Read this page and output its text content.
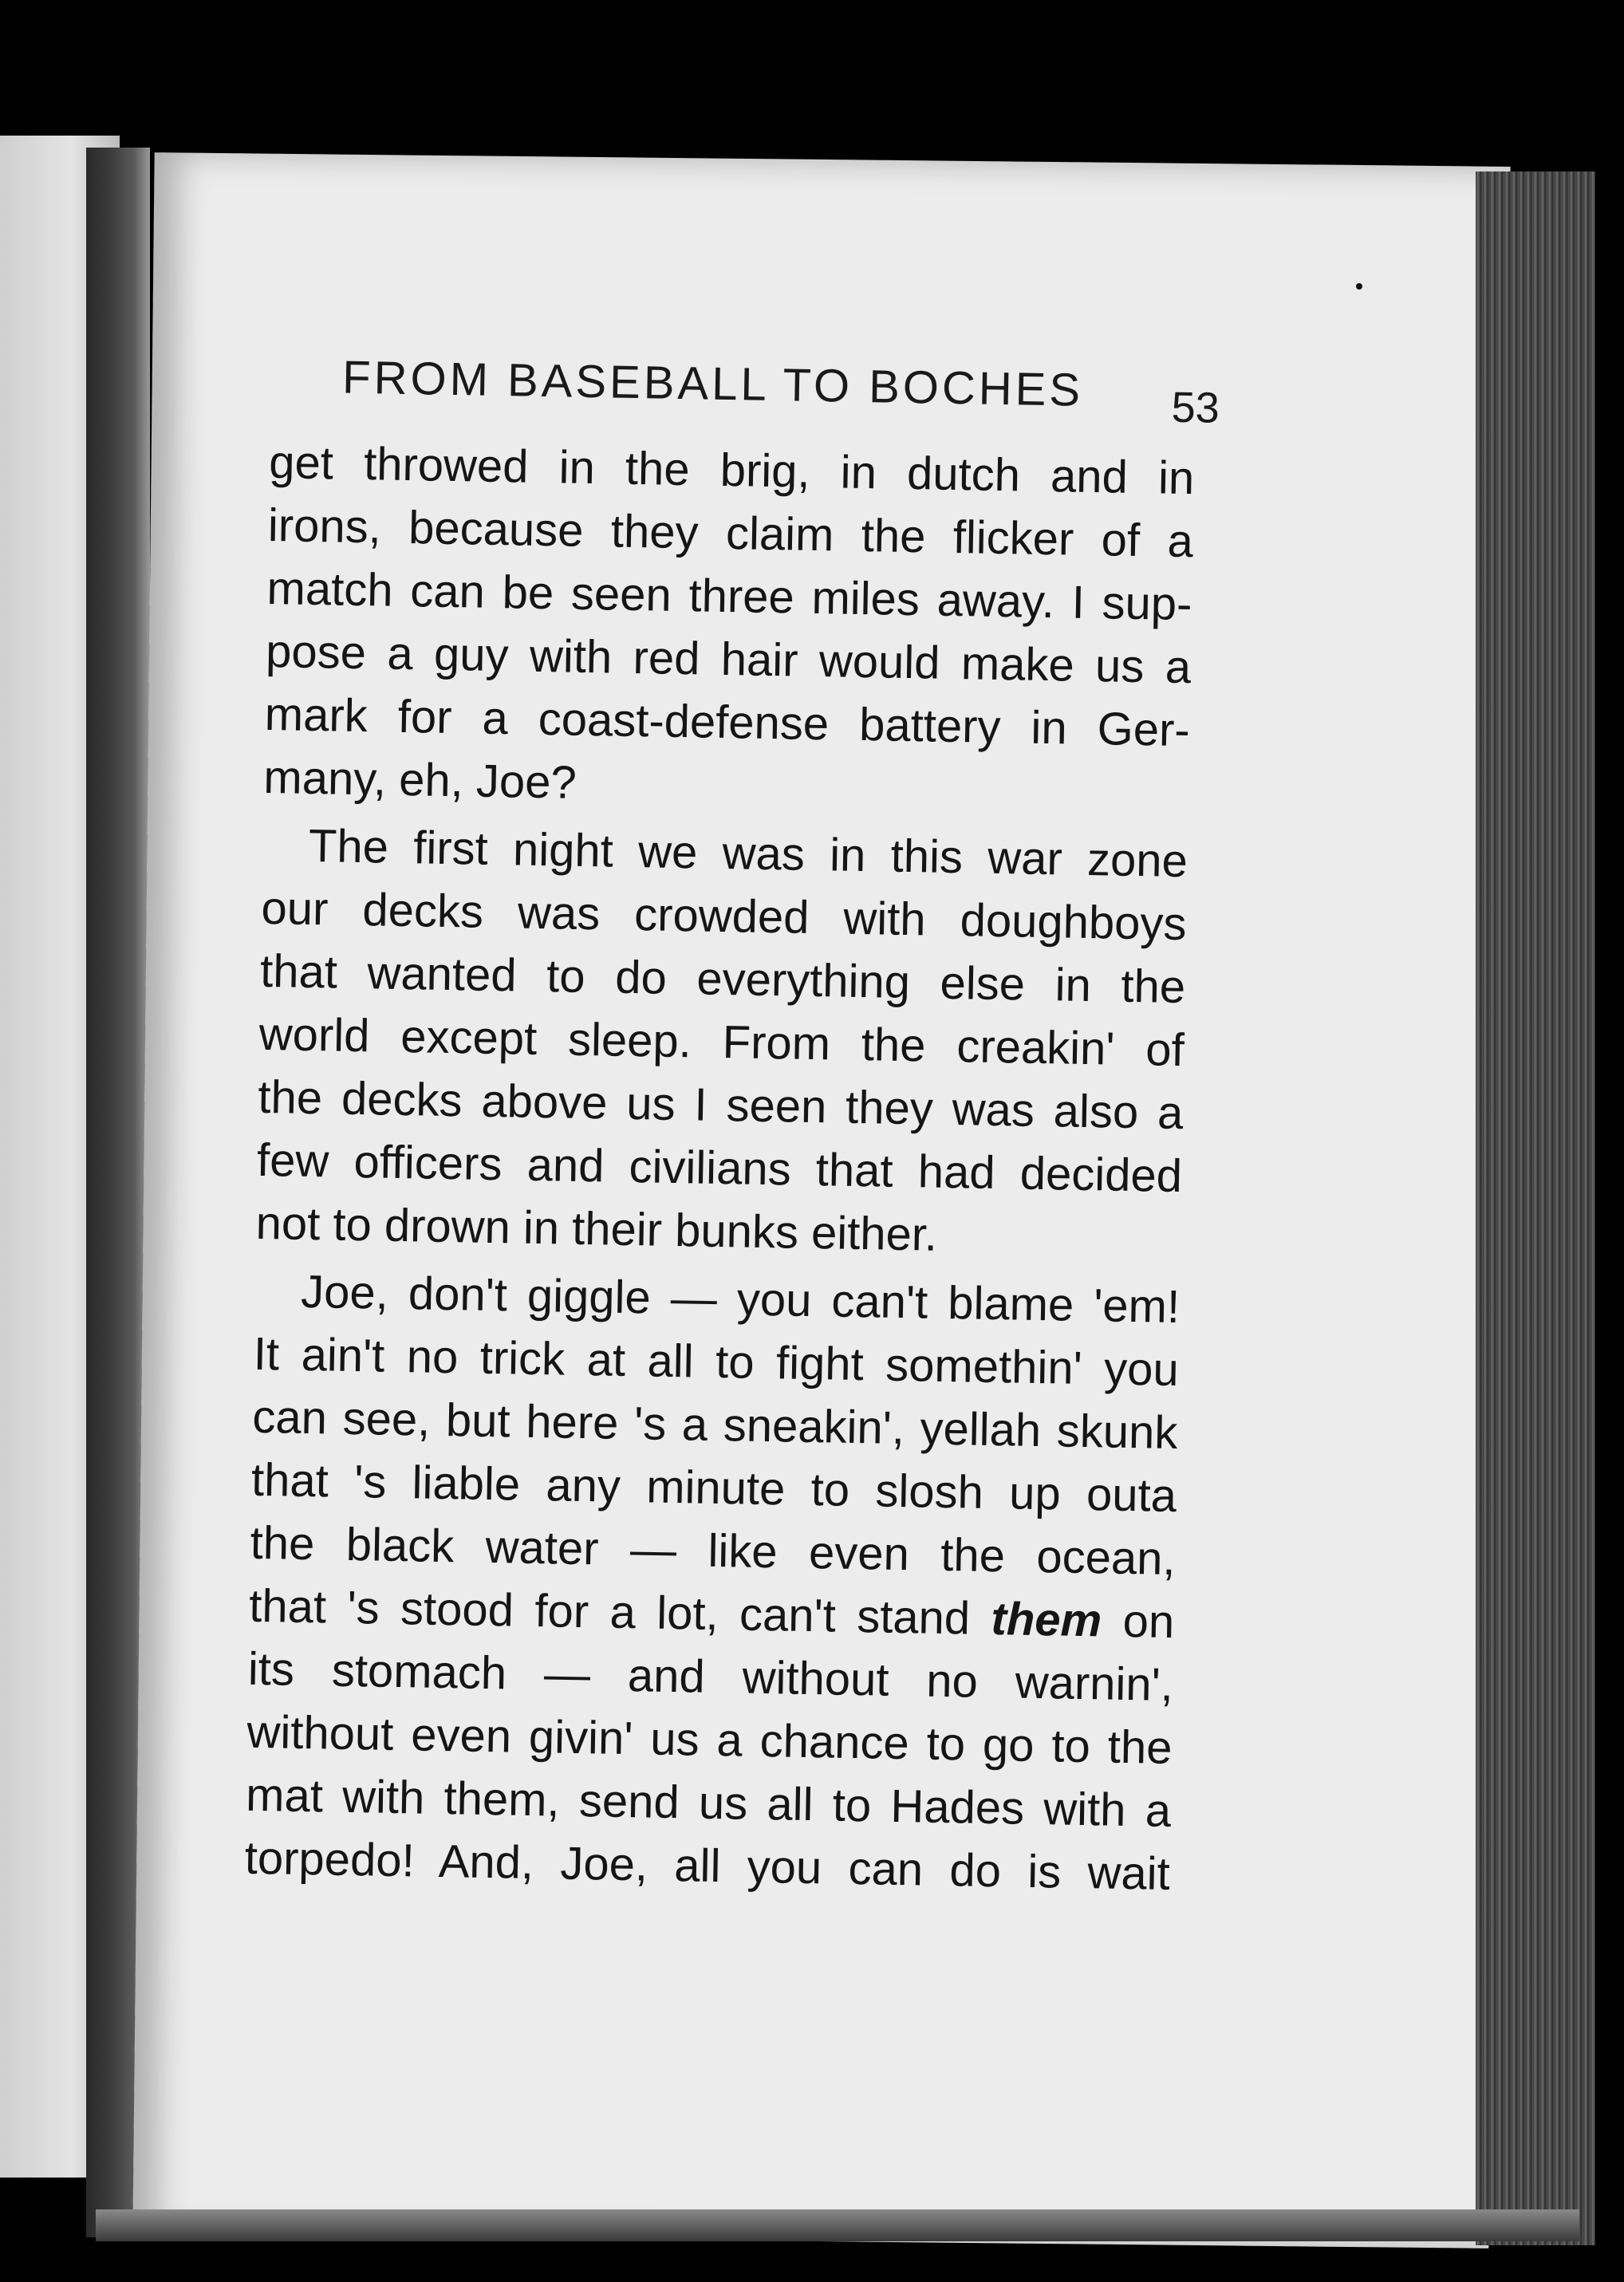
FROM BASEBALL TO BOCHES 53
get throwed in the brig, in dutch and in
irons, because they claim the flicker of a
match can be seen three miles away. I sup-
pose a guy with red hair would make us a
mark for a coast-defense battery in Ger-
many, eh, Joe?
The first night we was in this war zone
our decks was crowded with doughboys
that wanted to do everything else in the
world except sleep. From the creakin' of
the decks above us I seen they was also a
few officers and civilians that had decided
not to drown in their bunks either.
Joe, don't giggle — you can't blame 'em!
It ain't no trick at all to fight somethin' you
can see, but here 's a sneakin', yellah skunk
that 's liable any minute to slosh up outa
the black water — like even the ocean,
that 's stood for a lot, can't stand them on
its stomach — and without no warnin',
without even givin' us a chance to go to the
mat with them, send us all to Hades with a
torpedo! And, Joe, all you can do is wait
